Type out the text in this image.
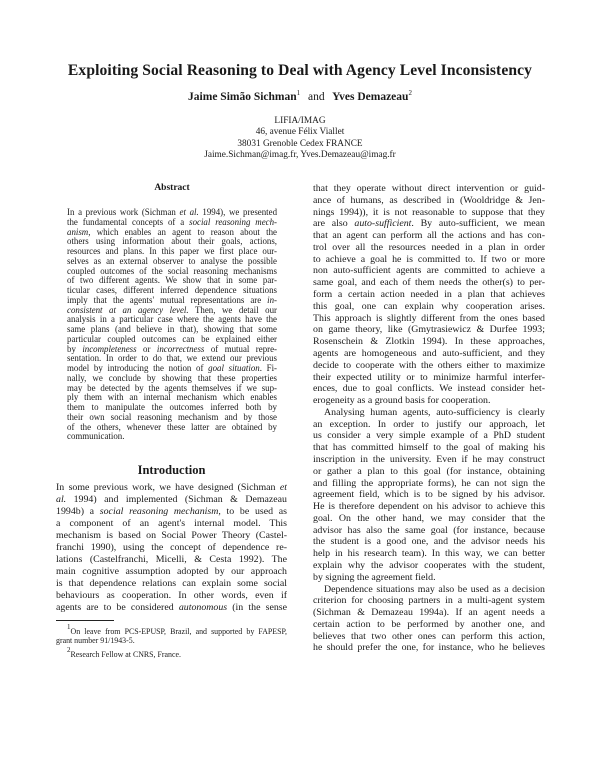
Exploiting Social Reasoning to Deal with Agency Level Inconsistency
Jaime Simão Sichman$^1$ and Yves Demazeau$^2$
LIFIA/IMAG
46, avenue Félix Viallet
38031 Grenoble Cedex FRANCE
Jaime.Sichman@imag.fr, Yves.Demazeau@imag.fr
Abstract
In a previous work (Sichman et al. 1994), we presented
the fundamental concepts of a social reasoning mech-
anism, which enables an agent to reason about the
others using information about their goals, actions,
resources and plans. In this paper we first place our-
selves as an external observer to analyse the possible
coupled outcomes of the social reasoning mechanisms
of two different agents. We show that in some par-
ticular cases, different inferred dependence situations
imply that the agents' mutual representations are in-
consistent at an agency level. Then, we detail our
analysis in a particular case where the agents have the
same plans (and believe in that), showing that some
particular coupled outcomes can be explained either
by incompleteness or incorrectness of mutual repre-
sentation. In order to do that, we extend our previous
model by introducing the notion of goal situation. Fi-
nally, we conclude by showing that these properties
may be detected by the agents themselves if we sup-
ply them with an internal mechanism which enables
them to manipulate the outcomes inferred both by
their own social reasoning mechanism and by those
of the others, whenever these latter are obtained by
communication.
Introduction
In some previous work, we have designed (Sichman et
al. 1994) and implemented (Sichman & Demazeau
1994b) a social reasoning mechanism, to be used as
a component of an agent's internal model. This
mechanism is based on Social Power Theory (Castel-
franchi 1990), using the concept of dependence re-
lations (Castelfranchi, Micelli, & Cesta 1992). The
main cognitive assumption adopted by our approach
is that dependence relations can explain some social
behaviours as cooperation. In other words, even if
agents are to be considered autonomous (in the sense
that they operate without direct intervention or guid-
ance of humans, as described in (Wooldridge & Jen-
nings 1994)), it is not reasonable to suppose that they
are also auto-sufficient. By auto-sufficient, we mean
that an agent can perform all the actions and has con-
trol over all the resources needed in a plan in order
to achieve a goal he is committed to. If two or more
non auto-sufficient agents are committed to achieve a
same goal, and each of them needs the other(s) to per-
form a certain action needed in a plan that achieves
this goal, one can explain why cooperation arises.
This approach is slightly different from the ones based
on game theory, like (Gmytrasiewicz & Durfee 1993;
Rosenschein & Zlotkin 1994). In these approaches,
agents are homogeneous and auto-sufficient, and they
decide to cooperate with the others either to maximize
their expected utility or to minimize harmful interfer-
ences, due to goal conflicts. We instead consider het-
erogeneity as a ground basis for cooperation.
Analysing human agents, auto-sufficiency is clearly
an exception. In order to justify our approach, let
us consider a very simple example of a PhD student
that has committed himself to the goal of making his
inscription in the university. Even if he may construct
or gather a plan to this goal (for instance, obtaining
and filling the appropriate forms), he can not sign the
agreement field, which is to be signed by his advisor.
He is therefore dependent on his advisor to achieve this
goal. On the other hand, we may consider that the
advisor has also the same goal (for instance, because
the student is a good one, and the advisor needs his
help in his research team). In this way, we can better
explain why the advisor cooperates with the student,
by signing the agreement field.
Dependence situations may also be used as a decision
criterion for choosing partners in a multi-agent system
(Sichman & Demazeau 1994a). If an agent needs a
certain action to be performed by another one, and
believes that two other ones can perform this action,
he should prefer the one, for instance, who he believes
$^1$On leave from PCS-EPUSP, Brazil, and supported by FAPESP, grant number 91/1943-5.
$^2$Research Fellow at CNRS, France.
